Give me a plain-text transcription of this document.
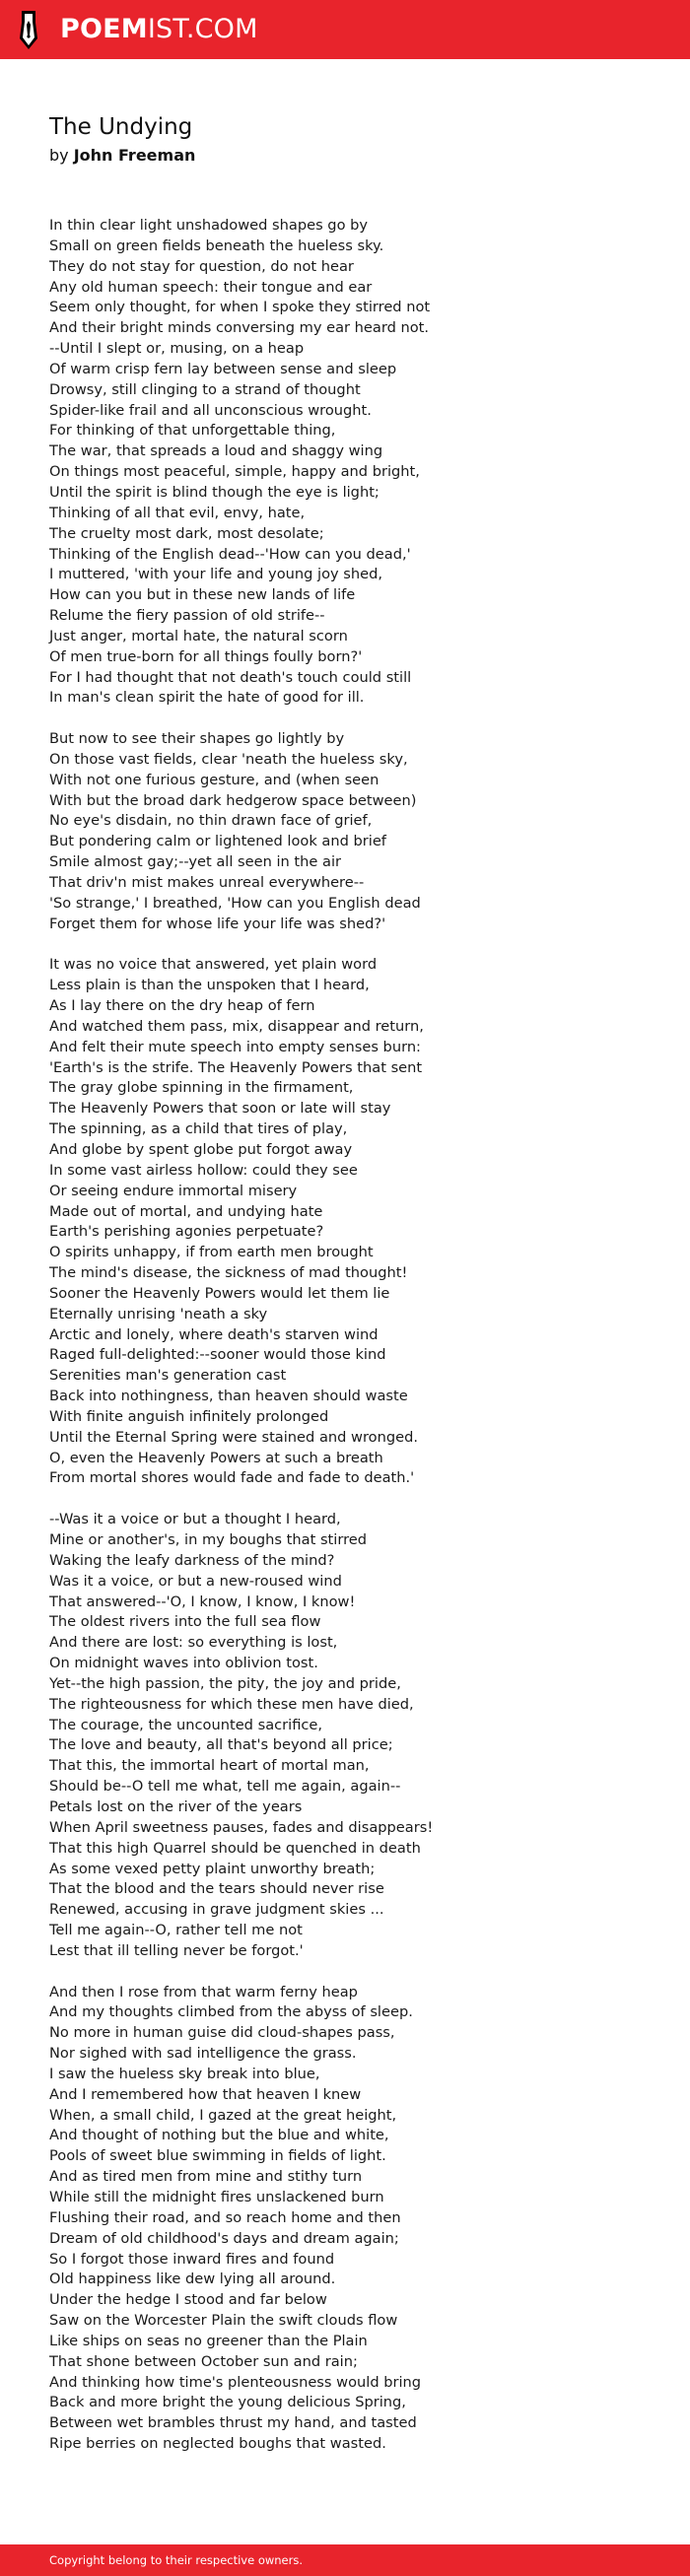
POEMIST.COM
The Undying
by John Freeman
In thin clear light unshadowed shapes go by
Small on green fields beneath the hueless sky.
They do not stay for question, do not hear
Any old human speech: their tongue and ear
Seem only thought, for when I spoke they stirred not
And their bright minds conversing my ear heard not.
--Until I slept or, musing, on a heap
Of warm crisp fern lay between sense and sleep
Drowsy, still clinging to a strand of thought
Spider-like frail and all unconscious wrought.
For thinking of that unforgettable thing,
The war, that spreads a loud and shaggy wing
On things most peaceful, simple, happy and bright,
Until the spirit is blind though the eye is light;
Thinking of all that evil, envy, hate,
The cruelty most dark, most desolate;
Thinking of the English dead--'How can you dead,'
I muttered, 'with your life and young joy shed,
How can you but in these new lands of life
Relume the fiery passion of old strife--
Just anger, mortal hate, the natural scorn
Of men true-born for all things foully born?'
For I had thought that not death's touch could still
In man's clean spirit the hate of good for ill.
But now to see their shapes go lightly by
On those vast fields, clear 'neath the hueless sky,
With not one furious gesture, and (when seen
With but the broad dark hedgerow space between)
No eye's disdain, no thin drawn face of grief,
But pondering calm or lightened look and brief
Smile almost gay;--yet all seen in the air
That driv'n mist makes unreal everywhere--
'So strange,' I breathed, 'How can you English dead
Forget them for whose life your life was shed?'
It was no voice that answered, yet plain word
Less plain is than the unspoken that I heard,
As I lay there on the dry heap of fern
And watched them pass, mix, disappear and return,
And felt their mute speech into empty senses burn:
'Earth's is the strife. The Heavenly Powers that sent
The gray globe spinning in the firmament,
The Heavenly Powers that soon or late will stay
The spinning, as a child that tires of play,
And globe by spent globe put forgot away
In some vast airless hollow: could they see
Or seeing endure immortal misery
Made out of mortal, and undying hate
Earth's perishing agonies perpetuate?
O spirits unhappy, if from earth men brought
The mind's disease, the sickness of mad thought!
Sooner the Heavenly Powers would let them lie
Eternally unrising 'neath a sky
Arctic and lonely, where death's starven wind
Raged full-delighted:--sooner would those kind
Serenities man's generation cast
Back into nothingness, than heaven should waste
With finite anguish infinitely prolonged
Until the Eternal Spring were stained and wronged.
O, even the Heavenly Powers at such a breath
From mortal shores would fade and fade to death.'
--Was it a voice or but a thought I heard,
Mine or another's, in my boughs that stirred
Waking the leafy darkness of the mind?
Was it a voice, or but a new-roused wind
That answered--'O, I know, I know, I know!
The oldest rivers into the full sea flow
And there are lost: so everything is lost,
On midnight waves into oblivion tost.
Yet--the high passion, the pity, the joy and pride,
The righteousness for which these men have died,
The courage, the uncounted sacrifice,
The love and beauty, all that's beyond all price;
That this, the immortal heart of mortal man,
Should be--O tell me what, tell me again, again--
Petals lost on the river of the years
When April sweetness pauses, fades and disappears!
That this high Quarrel should be quenched in death
As some vexed petty plaint unworthy breath;
That the blood and the tears should never rise
Renewed, accusing in grave judgment skies ...
Tell me again--O, rather tell me not
Lest that ill telling never be forgot.'
And then I rose from that warm ferny heap
And my thoughts climbed from the abyss of sleep.
No more in human guise did cloud-shapes pass,
Nor sighed with sad intelligence the grass.
I saw the hueless sky break into blue,
And I remembered how that heaven I knew
When, a small child, I gazed at the great height,
And thought of nothing but the blue and white,
Pools of sweet blue swimming in fields of light.
And as tired men from mine and stithy turn
While still the midnight fires unslackened burn
Flushing their road, and so reach home and then
Dream of old childhood's days and dream again;
So I forgot those inward fires and found
Old happiness like dew lying all around.
Under the hedge I stood and far below
Saw on the Worcester Plain the swift clouds flow
Like ships on seas no greener than the Plain
That shone between October sun and rain;
And thinking how time's plenteousness would bring
Back and more bright the young delicious Spring,
Between wet brambles thrust my hand, and tasted
Ripe berries on neglected boughs that wasted.
Copyright belong to their respective owners.
